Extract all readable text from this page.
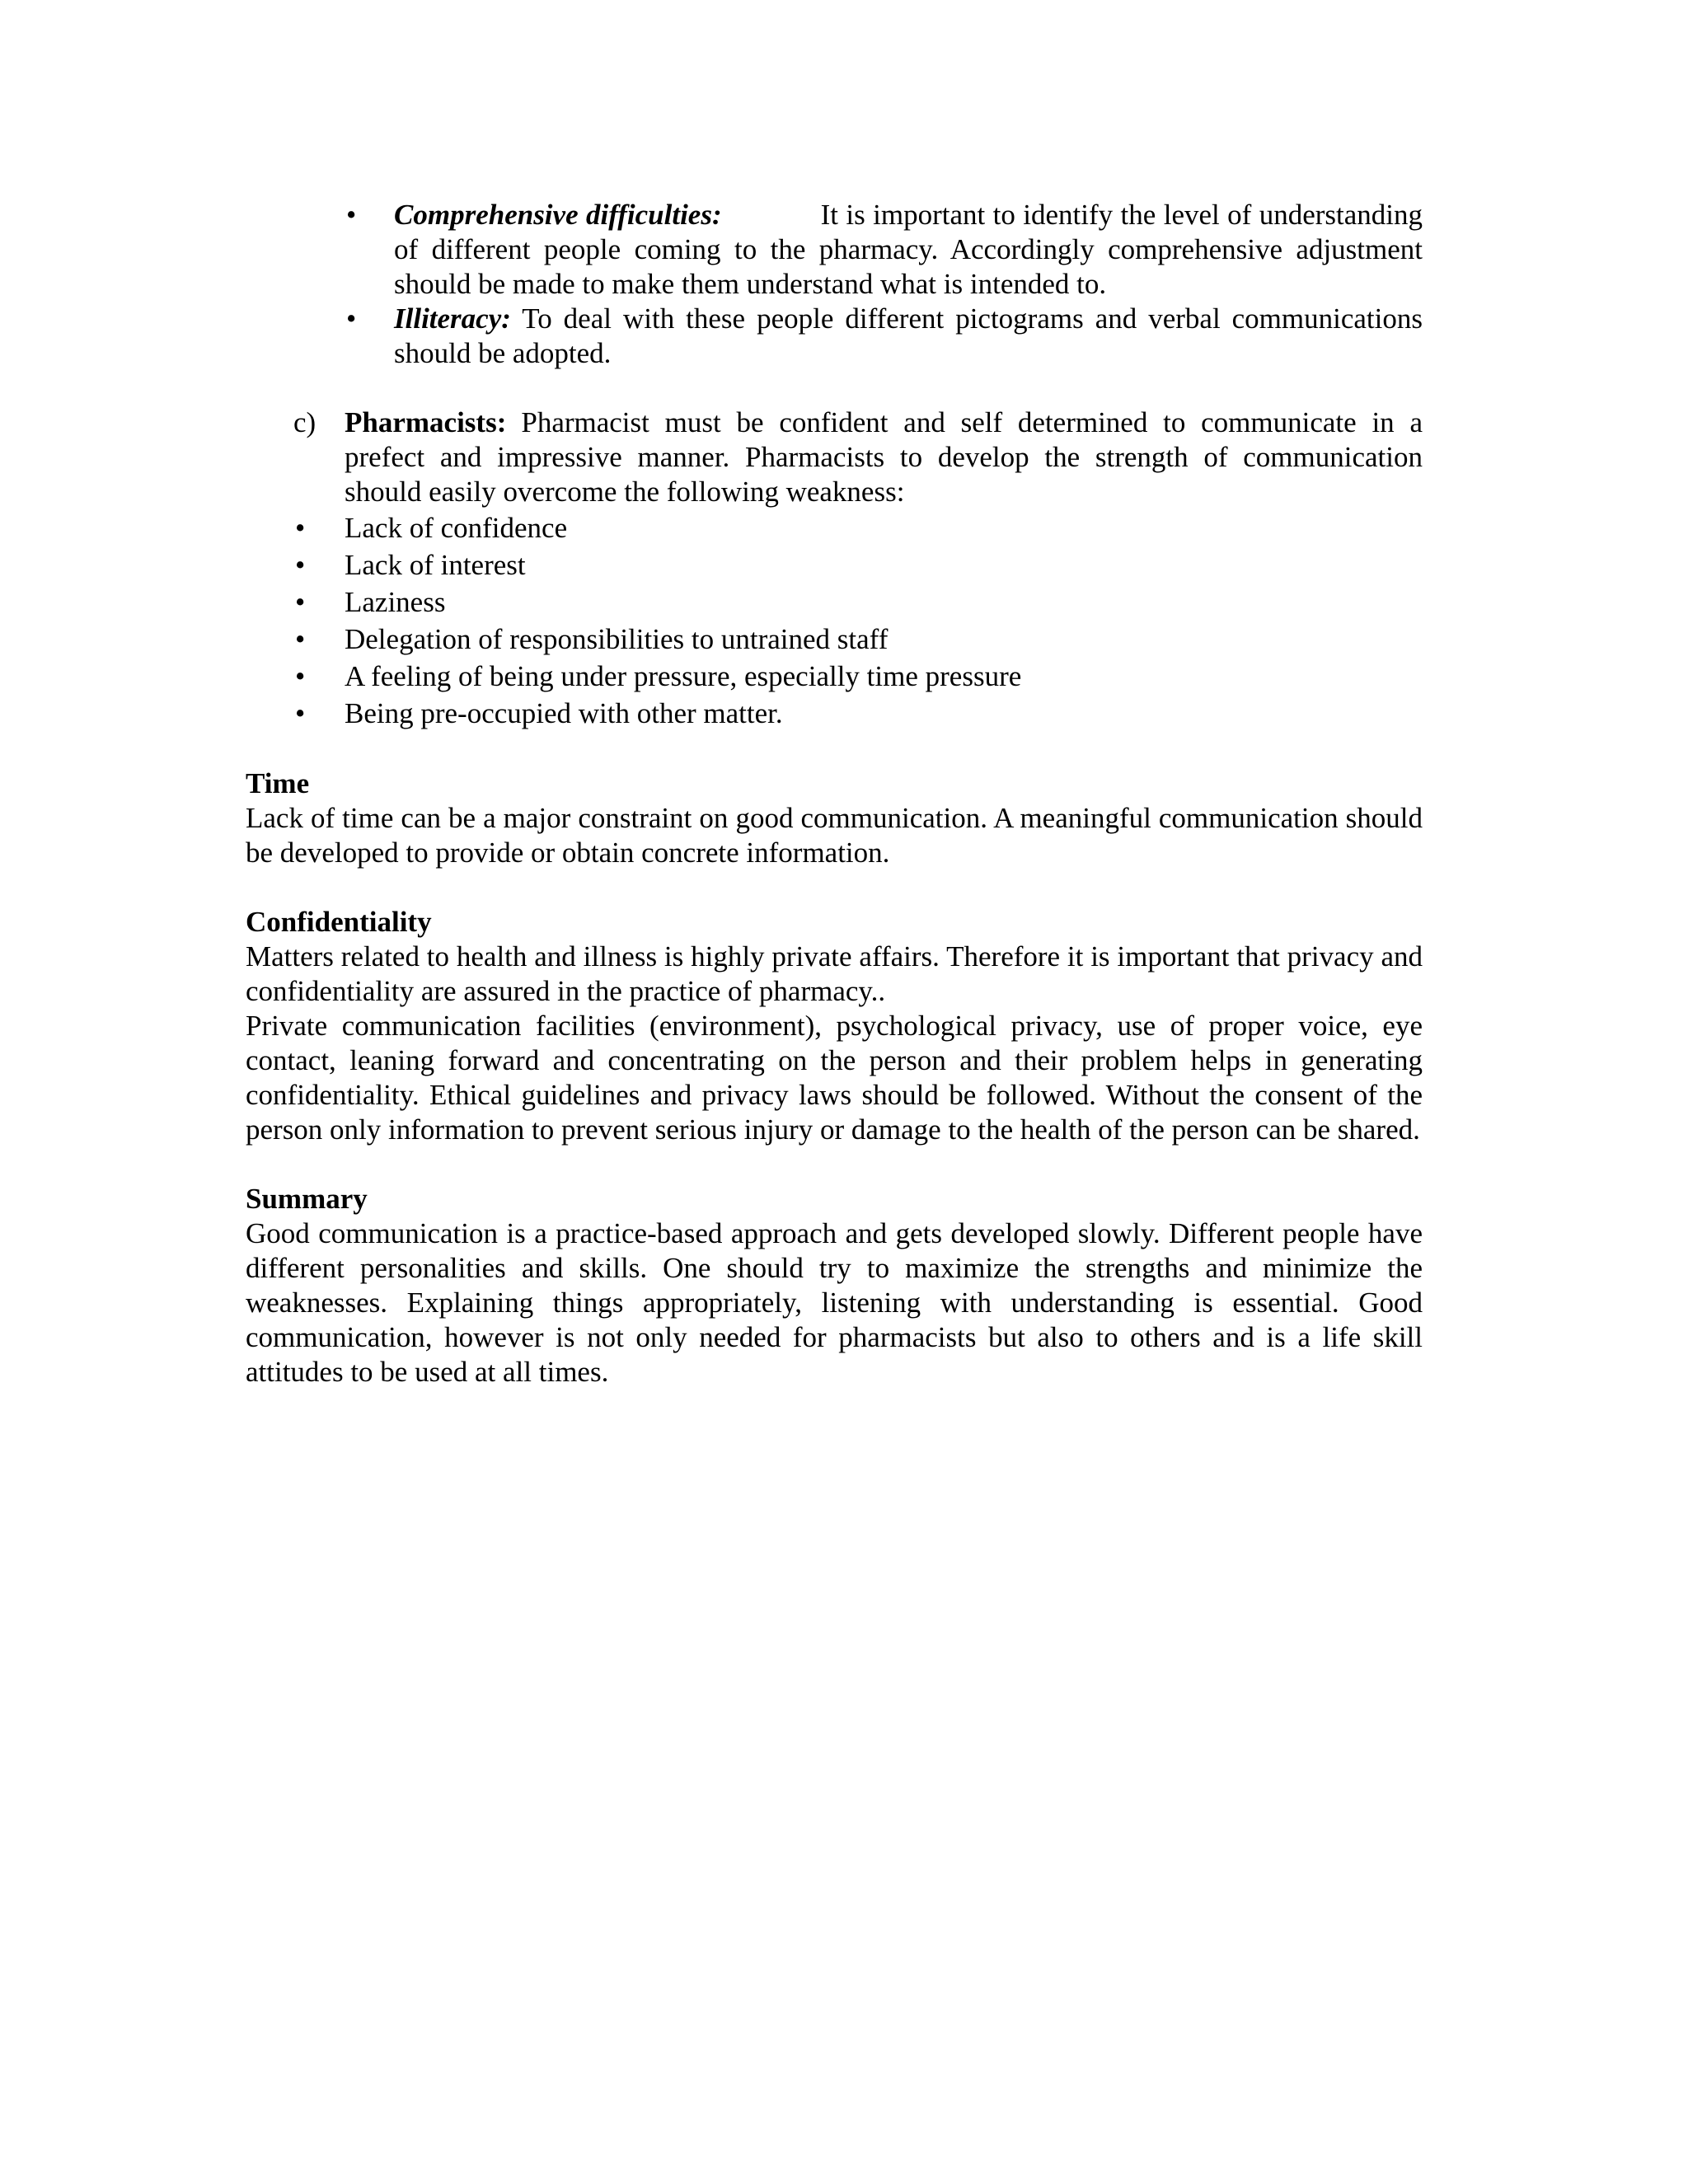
• Comprehensive difficulties:	It is important to identify the level of understanding of different people coming to the pharmacy. Accordingly comprehensive adjustment should be made to make them understand what is intended to.

• Illiteracy: To deal with these people different pictograms and verbal communications should be adopted.

c) Pharmacists: Pharmacist must be confident and self determined to communicate in a prefect and impressive manner. Pharmacists to develop the strength of communication should easily overcome the following weakness:

• Lack of confidence
• Lack of interest
• Laziness
• Delegation of responsibilities to untrained staff
• A feeling of being under pressure, especially time pressure
• Being pre-occupied with other matter.

Time

Lack of time can be a major constraint on good communication. A meaningful communication should be developed to provide or obtain concrete information.

Confidentiality

Matters related to health and illness is highly private affairs. Therefore it is important that privacy and confidentiality are assured in the practice of pharmacy..

Private communication facilities (environment), psychological privacy, use of proper voice, eye contact, leaning forward and concentrating on the person and their problem helps in generating confidentiality. Ethical guidelines and privacy laws should be followed. Without the consent of the person only information to prevent serious injury or damage to the health of the person can be shared.

Summary

Good communication is a practice-based approach and gets developed slowly. Different people have different personalities and skills. One should try to maximize the strengths and minimize the weaknesses. Explaining things appropriately, listening with understanding is essential. Good communication, however is not only needed for pharmacists but also to others and is a life skill attitudes to be used at all times.
